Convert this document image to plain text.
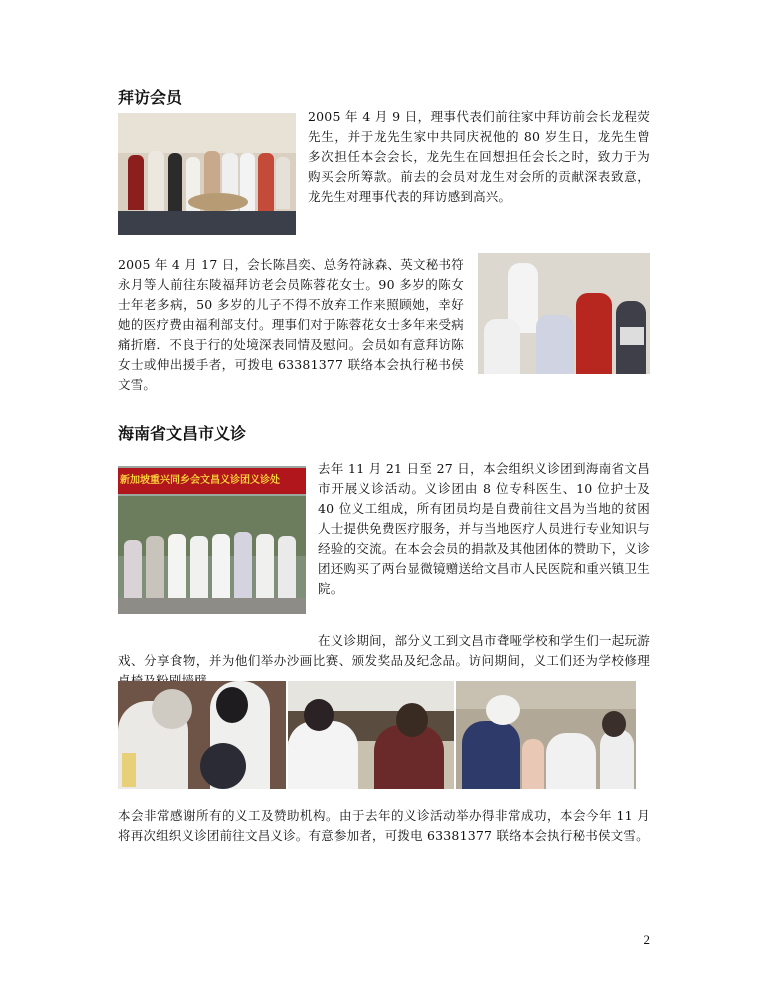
拜访会员

2005 年 4 月 9 日，理事代表们前往家中拜访前会长龙程荧先生，并于龙先生家中共同庆祝他的 80 岁生日，龙先生曾多次担任本会会长，龙先生在回想担任会长之时，致力于为购买会所筹款。前去的会员对龙生对会所的贡献深表致意，龙先生对理事代表的拜访感到高兴。

2005 年 4 月 17 日，会长陈昌奕、总务符詠森、英文秘书符永月等人前往东陵福拜访老会员陈蓉花女士。90 多岁的陈女士年老多病，50 多岁的儿子不得不放弃工作来照顾她，幸好她的医疗费由福利部支付。理事们对于陈蓉花女士多年来受病痛折磨．不良于行的处境深表同情及慰问。会员如有意拜访陈女士或伸出援手者，可拨电 63381377 联络本会执行秘书侯文雪。

海南省文昌市义诊
新加坡重兴同乡会文昌义诊团义诊处

去年 11 月 21 日至 27 日，本会组织义诊团到海南省文昌市开展义诊活动。义诊团由 8 位专科医生、10 位护士及 40 位义工组成，所有团员均是自费前往文昌为当地的贫困人士提供免费医疗服务，并与当地医疗人员进行专业知识与经验的交流。在本会会员的捐款及其他团体的赞助下，义诊团还购买了两台显微镜赠送给文昌市人民医院和重兴镇卫生院。

在义诊期间，部分义工到文昌市聋哑学校和学生们一起玩游戏、分享食物，并为他们举办沙画比赛、颁发奖品及纪念品。访问期间，义工们还为学校修理

本会非常感谢所有的义工及赞助机构。由于去年的义诊活动举办得非常成功，本会今年 11 月将再次组织义诊团前往文昌义诊。有意参加者，可拨电 63381377 联络本会执行秘书侯文雪。

2
